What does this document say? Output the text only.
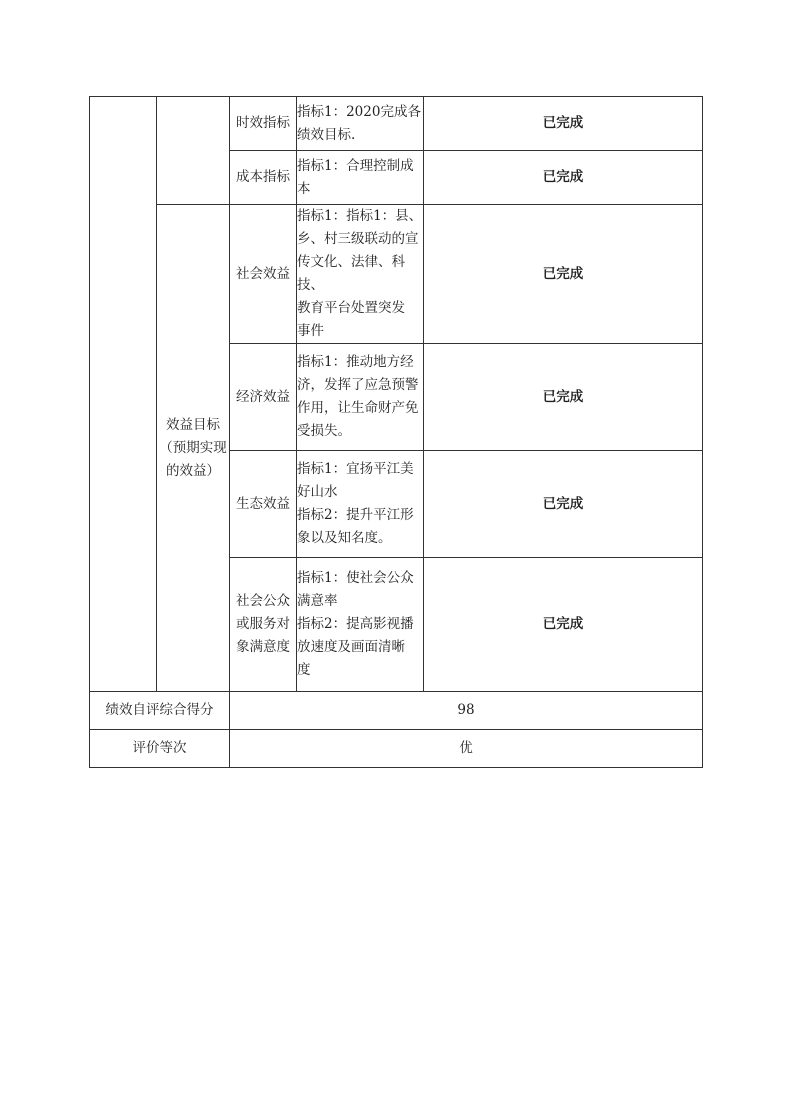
		时效指标	指标1：2020完成各
绩效目标.	已完成
		成本指标	指标1：合理控制成
本	已完成

	效益目标
（预期实现
的效益）	社会效益	指标1：指标1：县、
乡、村三级联动的宣
传文化、法律、科技、
教育平台处置突发
事件	已完成
		经济效益	指标1：推动地方经
济，发挥了应急预警
作用，让生命财产免
受损失。	已完成
		生态效益	指标1：宜扬平江美
好山水
指标2：提升平江形
象以及知名度。	已完成

		社会公众
或服务对
象满意度	指标1：使社会公众
满意率
指标2：提高影视播
放速度及画面清晰
度	已完成
绩效自评综合得分		98		
评价等次		优		
